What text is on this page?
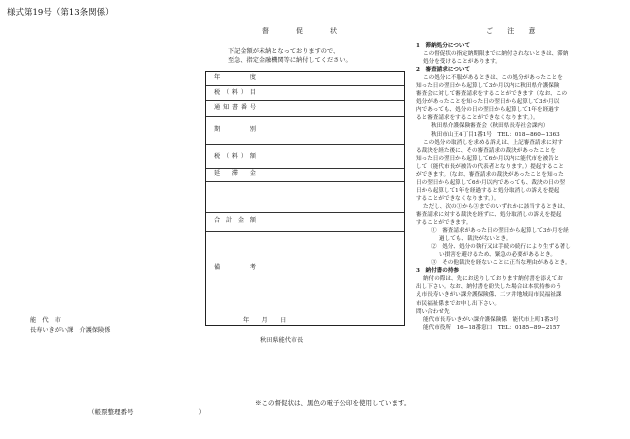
様式第19号（第13条関係）
督　促　状
下記金額が未納となっておりますので、
至急、指定金融機関等に納付してください。
年　　度
税（料）目
通知書番号
期　　別
税（料）額
延　滞　金
合 計 金 額
備　　考
能　代　市
長寿いきがい課　介護保険係
年　　月　　日
秋田県能代市長
※この督促状は、黒色の電子公印を使用しています。
（帳票整理番号　　　　　　　　　　）
ご 注 意
1　滞納処分について
この督促状の指定納期限までに納付されないときは、滞納
処分を受けることがあります。
2　審査請求について
この処分に不服があるときは、この処分があったことを
知った日の翌日から起算して3か月以内に秋田県介護保険
審査会に対して審査請求をすることができます（なお、この
処分があったことを知った日の翌日から起算して3か月以
内であっても、処分の日の翌日から起算して1年を経過す
ると審査請求をすることができなくなります。）。
秋田県介護保険審査会（秋田県長寿社会課内）
秋田市山王4丁目1番1号　TEL：018−860−1363
この処分の取消しを求める訴えは、上記審査請求に対す
る裁決を経た後に、その審査請求の裁決があったことを
知った日の翌日から起算して6か月以内に能代市を被告と
して（能代市長が被告の代表者となります。）提起すること
ができます。（なお、審査請求の裁決があったことを知った
日の翌日から起算して6か月以内であっても、裁決の日の翌
日から起算して1年を経過すると処分取消しの訴えを提起
することができなくなります。）。
ただし、次の①から③までのいずれかに該当するときは、
審査請求に対する裁決を経ずに、処分取消しの訴えを提起
することができます。
①　審査請求があった日の翌日から起算して3か月を経
過しても、裁決がないとき。
②　処分、処分の執行又は手続の続行により生ずる著し
い損害を避けるため、緊急の必要があるとき。
③　その他裁決を経ないことに正当な理由があるとき。
3　納付書の持参
納付の際は、先にお送りしております納付書を添えてお
出し下さい。なお、納付書を紛失した場合は本状持参のう
え市長寿いきがい課介護保険係、二ツ井地域局市民福祉課
市民福祉係までお申し出下さい。
問い合わせ先
能代市長寿いきがい課介護保険係　能代市上町1番3号
能代市役所　16−18番窓口　TEL：0185−89−2157
